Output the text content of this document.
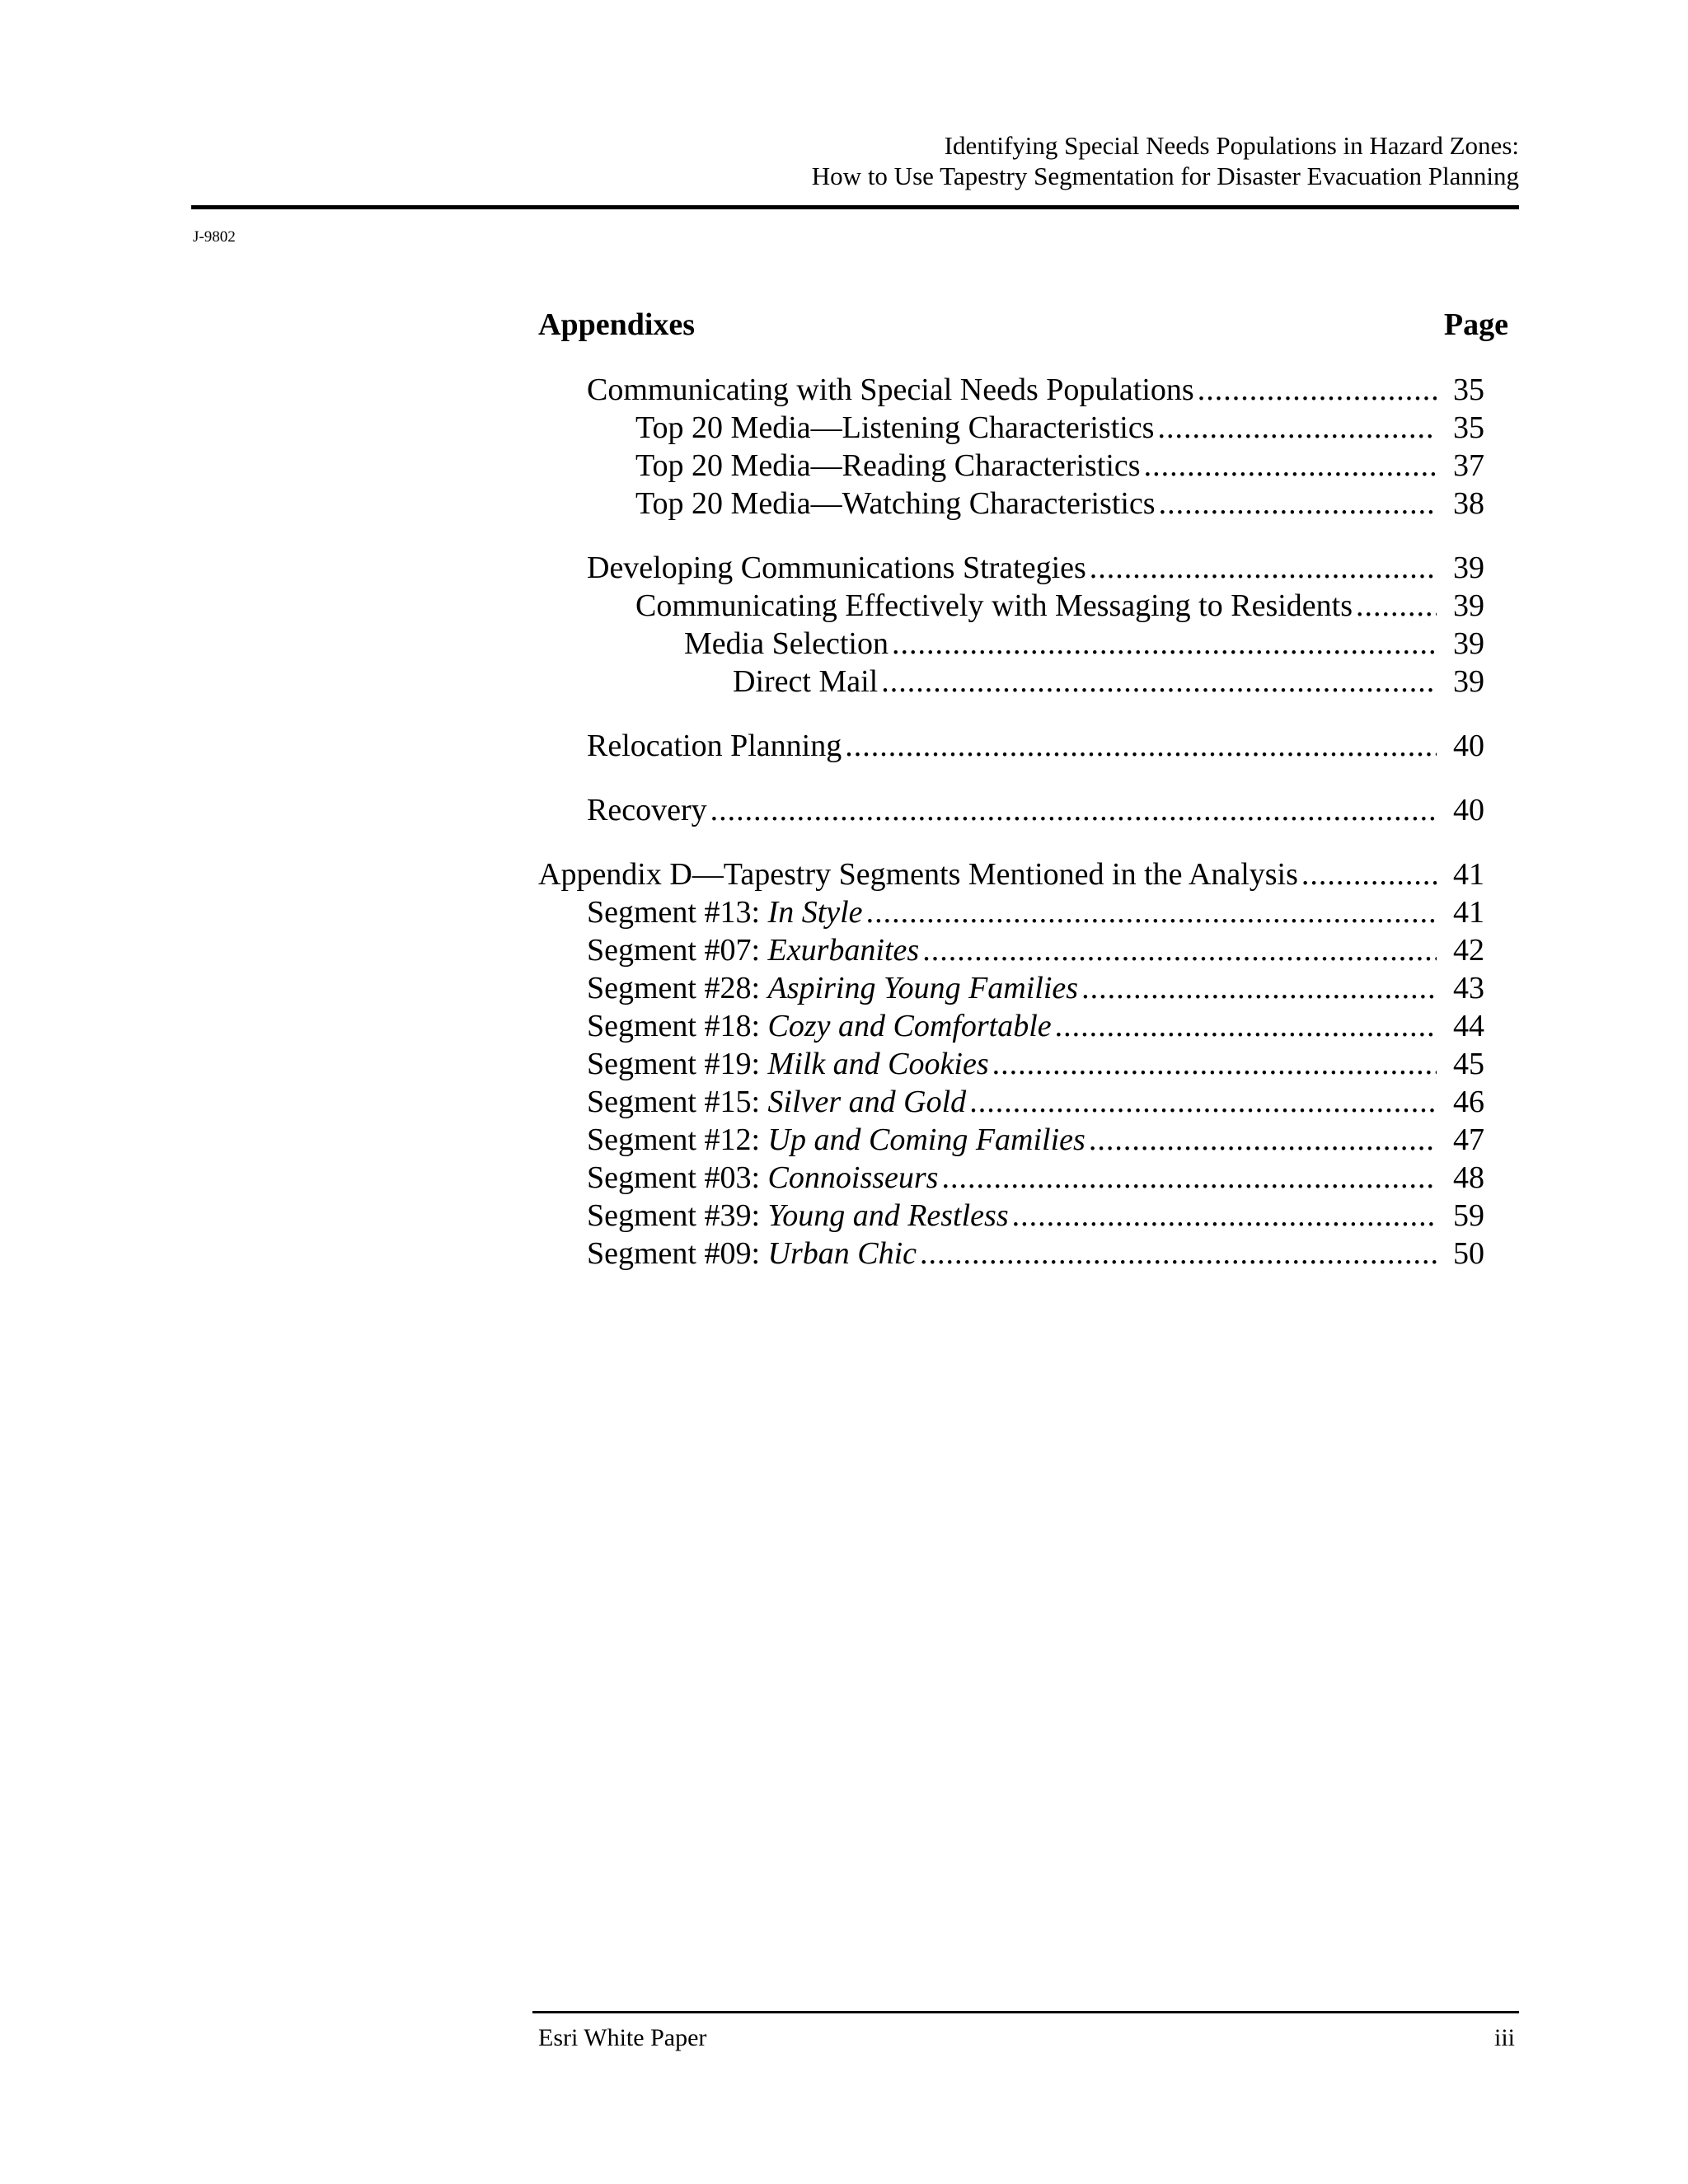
Identifying Special Needs Populations in Hazard Zones:
How to Use Tapestry Segmentation for Disaster Evacuation Planning
J-9802
Appendixes	Page
Communicating with Special Needs Populations .....	35
Top 20 Media—Listening Characteristics .....	35
Top 20 Media—Reading Characteristics .....	37
Top 20 Media—Watching Characteristics .....	38
Developing Communications Strategies .....	39
Communicating Effectively with Messaging to Residents .....	39
Media Selection .....	39
Direct Mail .....	39
Relocation Planning .....	40
Recovery .....	40
Appendix D—Tapestry Segments Mentioned in the Analysis .....	41
Segment #13: In Style .....	41
Segment #07: Exurbanites .....	42
Segment #28: Aspiring Young Families .....	43
Segment #18: Cozy and Comfortable .....	44
Segment #19: Milk and Cookies .....	45
Segment #15: Silver and Gold .....	46
Segment #12: Up and Coming Families .....	47
Segment #03: Connoisseurs .....	48
Segment #39: Young and Restless .....	59
Segment #09: Urban Chic .....	50
Esri White Paper	iii
